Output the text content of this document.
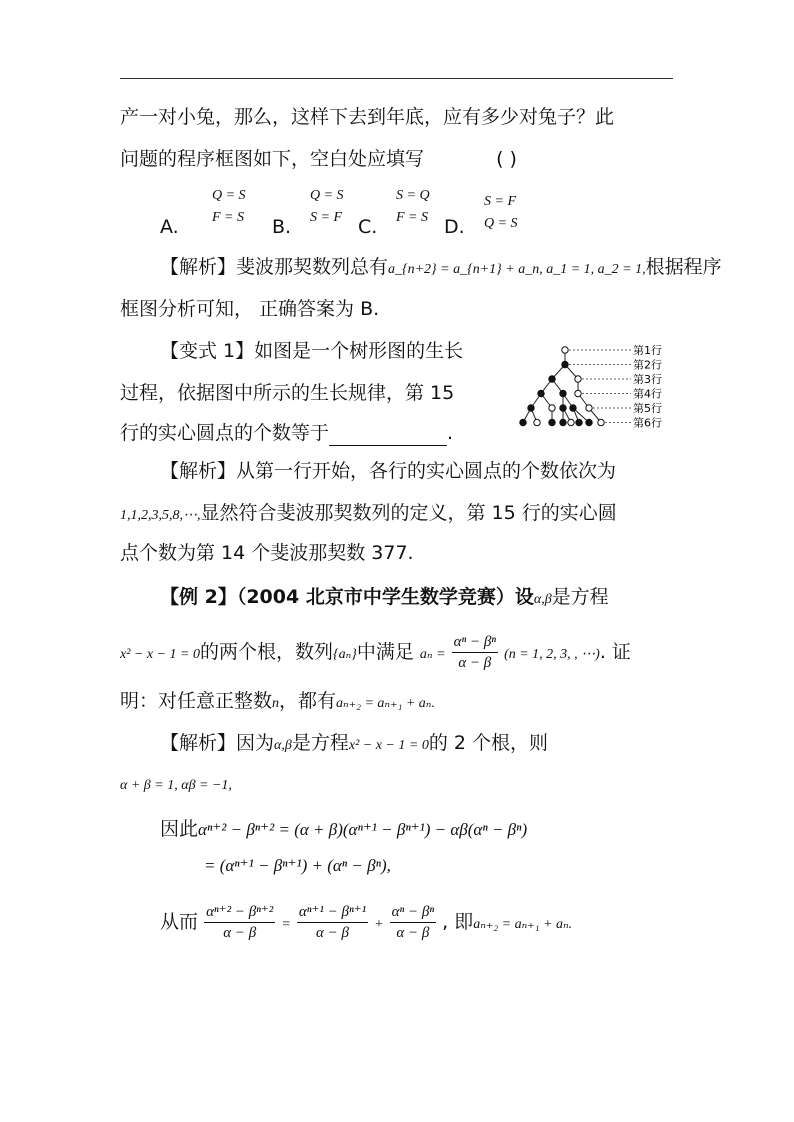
产一对小兔，那么，这样下去到年底，应有多少对兔子？此
问题的程序框图如下，空白处应填写	( )
A.
Q = S
F = S B.
Q = S
S = F C.
S = Q
F = S D.
S = F
Q = S
【解析】斐波那契数列总有a_{n+2} = a_{n+1} + a_n, a_1 = 1, a_2 = 1,根据程序
框图分析可知， 正确答案为 B.
【变式 1】如图是一个树形图的生长
过程，依据图中所示的生长规律，第 15
行的实心圆点的个数等于	.
第1行
第2行
第3行
第4行
第5行
第6行
【解析】从第一行开始，各行的实心圆点的个数依次为
1,1,2,3,5,8,⋯,显然符合斐波那契数列的定义，第 15 行的实心圆
点个数为第 14 个斐波那契数 377.
【例 2】（2004 北京市中学生数学竞赛）设α,β是方程
x² − x − 1 = 0的两个根，数列{aₙ}中满足 $a_n = \frac{\text{αⁿ − βⁿ}}{\alpha - \beta} (n = 1$, 2, 3, , ⋯). 证
明：对任意正整数n，都有aₙ₊₂ = aₙ₊₁ + aₙ.
【解析】因为α,β是方程x² − x − 1 = 0的 2 个根，则
α + β = 1, αβ = −1,
因此αⁿ⁺² − βⁿ⁺² = (α + β)(αⁿ⁺¹ − βⁿ⁺¹) − αβ(αⁿ − βⁿ)
= (αⁿ⁺¹ − βⁿ⁺¹) + (αⁿ − βⁿ),
从而 $\frac{\text{αⁿ⁺² − βⁿ⁺²}}{\alpha - \beta} = \frac{\text{αⁿ⁺¹ − βⁿ⁺¹}}{\alpha - \beta} + \frac{\text{αⁿ − βⁿ}}{\alpha - \beta}$ , 即aₙ₊₂ = aₙ₊₁ + aₙ.
